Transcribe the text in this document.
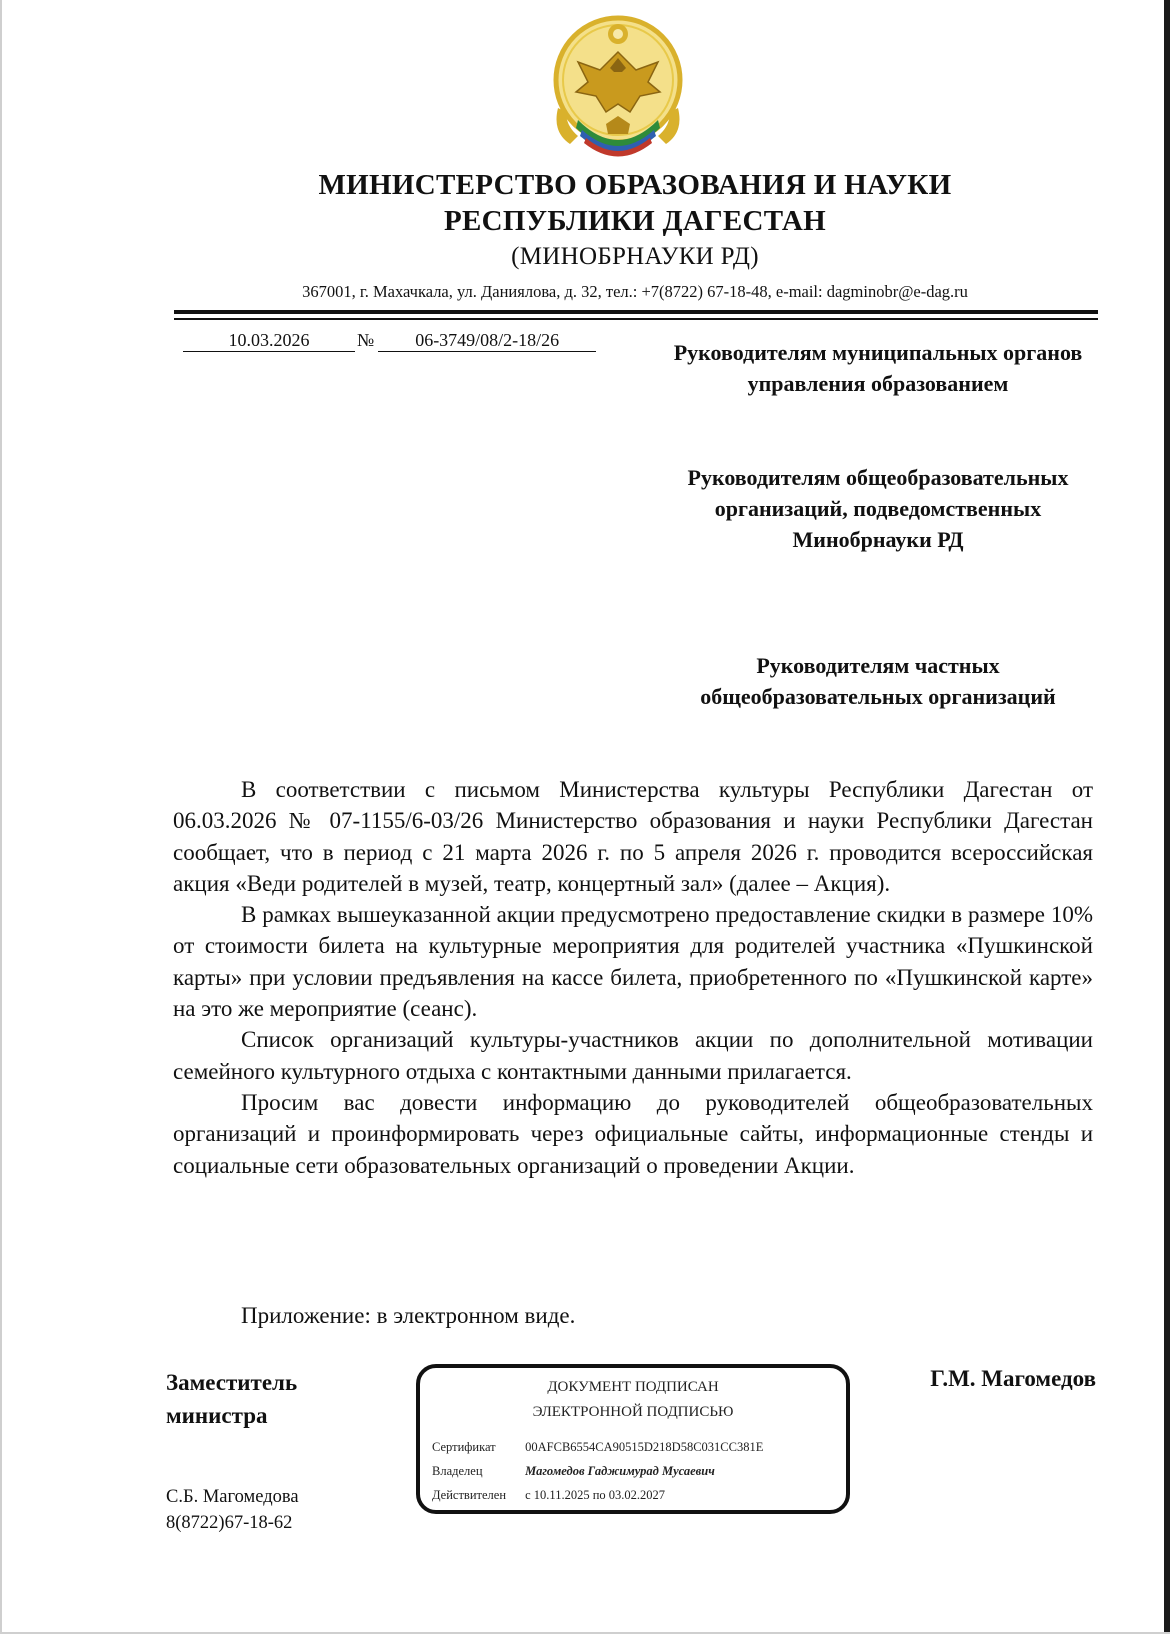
МИНИСТЕРСТВО ОБРАЗОВАНИЯ И НАУКИ
РЕСПУБЛИКИ ДАГЕСТАН
(МИНОБРНАУКИ РД)
367001, г. Махачкала, ул. Даниялова, д. 32, тел.: +7(8722) 67-18-48, e-mail: dagminobr@e-dag.ru
10.03.2026	№ 06-3749/08/2-18/26	Руководителям муниципальных органов управления образованием
Руководителям общеобразовательных организаций, подведомственных Минобрнауки РД
Руководителям частных общеобразовательных организаций

В соответствии с письмом Министерства культуры Республики Дагестан от 06.03.2026 № 07-1155/6-03/26 Министерство образования и науки Республики Дагестан сообщает, что в период с 21 марта 2026 г. по 5 апреля 2026 г. проводится всероссийская акция «Веди родителей в музей, театр, концертный зал» (далее – Акция).

В рамках вышеуказанной акции предусмотрено предоставление скидки в размере 10% от стоимости билета на культурные мероприятия для родителей участника «Пушкинской карты» при условии предъявления на кассе билета, приобретенного по «Пушкинской карте» на это же мероприятие (сеанс).

Список организаций культуры-участников акции по дополнительной мотивации семейного культурного отдыха с контактными данными прилагается.

Просим вас довести информацию до руководителей общеобразовательных организаций и проинформировать через официальные сайты, информационные стенды и социальные сети образовательных организаций о проведении Акции.

Приложение: в электронном виде.
Заместитель
министра
ДОКУМЕНТ ПОДПИСАН
ЭЛЕКТРОННОЙ ПОДПИСЬЮ
Сертификат 00AFCB6554CA90515D218D58C031CC381E
Владелец	Магомедов Гаджимурад Мусаевич
Действителен с 10.11.2025 по 03.02.2027
Г.М. Магомедов
С.Б. Магомедова
8(8722)67-18-62
